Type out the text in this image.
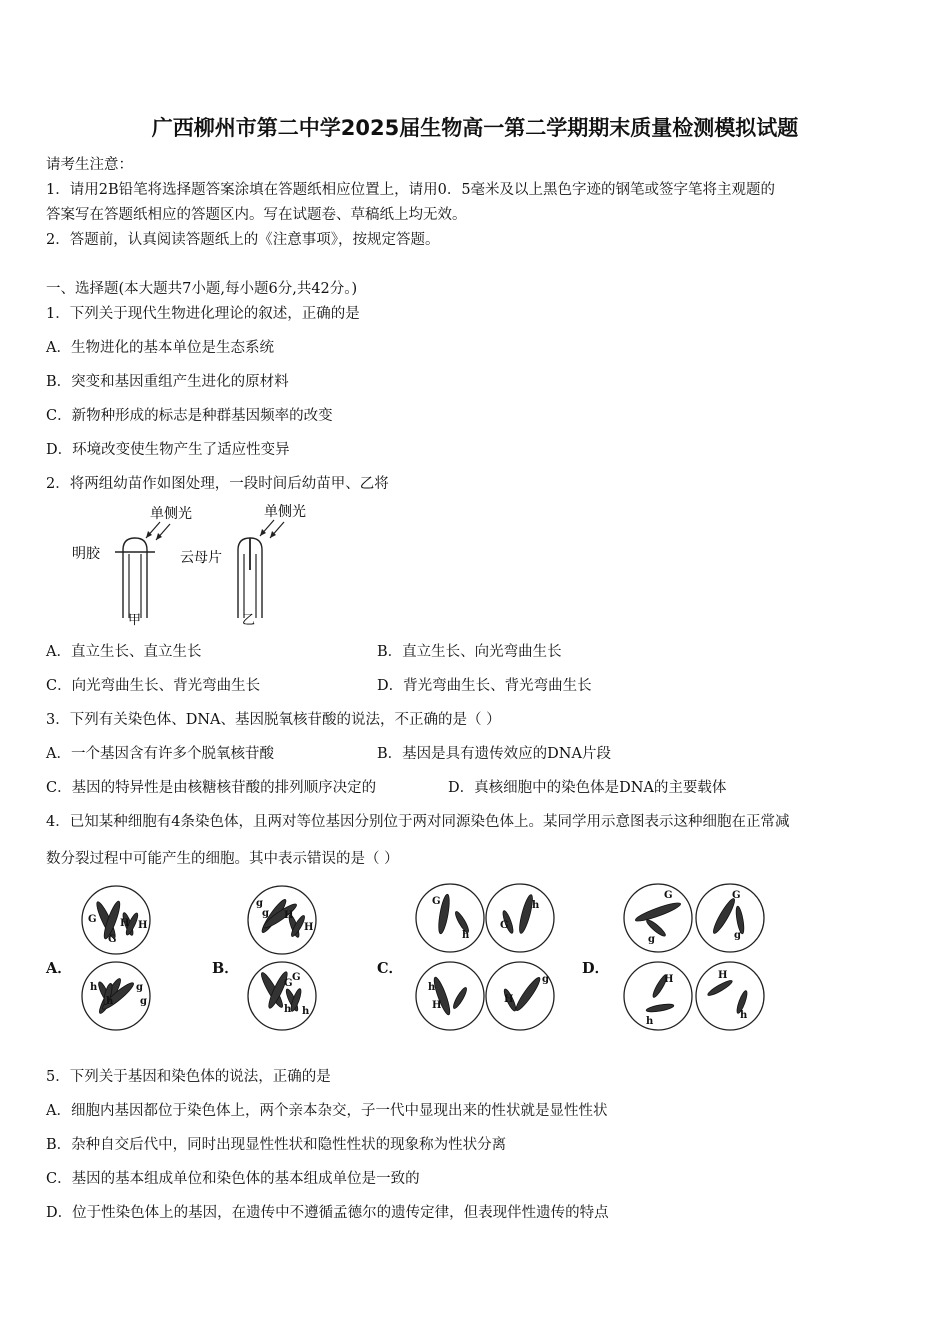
广西柳州市第二中学2025届生物高一第二学期期末质量检测模拟试题
请考生注意：
1．请用2B铅笔将选择题答案涂填在答题纸相应位置上，请用0．5毫米及以上黑色字迹的钢笔或签字笔将主观题的
答案写在答题纸相应的答题区内。写在试题卷、草稿纸上均无效。
2．答题前，认真阅读答题纸上的《注意事项》，按规定答题。
一、选择题(本大题共7小题,每小题6分,共42分。)
1．下列关于现代生物进化理论的叙述，正确的是
A．生物进化的基本单位是生态系统
B．突变和基因重组产生进化的原材料
C．新物种形成的标志是种群基因频率的改变
D．环境改变使生物产生了适应性变异
2．将两组幼苗作如图处理，一段时间后幼苗甲、乙将
单侧光
明胶
甲
单侧光
云母片
乙
A．直立生长、直立生长	B．直立生长、向光弯曲生长
C．向光弯曲生长、背光弯曲生长	D．背光弯曲生长、背光弯曲生长
3．下列有关染色体、DNA、基因脱氧核苷酸的说法，不正确的是（ ）
A．一个基因含有许多个脱氧核苷酸	B．基因是具有遗传效应的DNA片段
C．基因的特异性是由核糖核苷酸的排列顺序决定的	D．真核细胞中的染色体是DNA的主要载体
4．已知某种细胞有4条染色体，且两对等位基因分别位于两对同源染色体上。某同学用示意图表示这种细胞在正常减
数分裂过程中可能产生的细胞。其中表示错误的是（ ）
A．	B．	C．	D．
G
G
H H
h
h
g
g
g
g H
H
G
G
h h
G
h
h
G
h
H
H
g
G
g
G
g
H
h
H
h
5．下列关于基因和染色体的说法，正确的是
A．细胞内基因都位于染色体上，两个亲本杂交，子一代中显现出来的性状就是显性性状
B．杂种自交后代中，同时出现显性性状和隐性性状的现象称为性状分离
C．基因的基本组成单位和染色体的基本组成单位是一致的
D．位于性染色体上的基因，在遗传中不遵循孟德尔的遗传定律，但表现伴性遗传的特点
